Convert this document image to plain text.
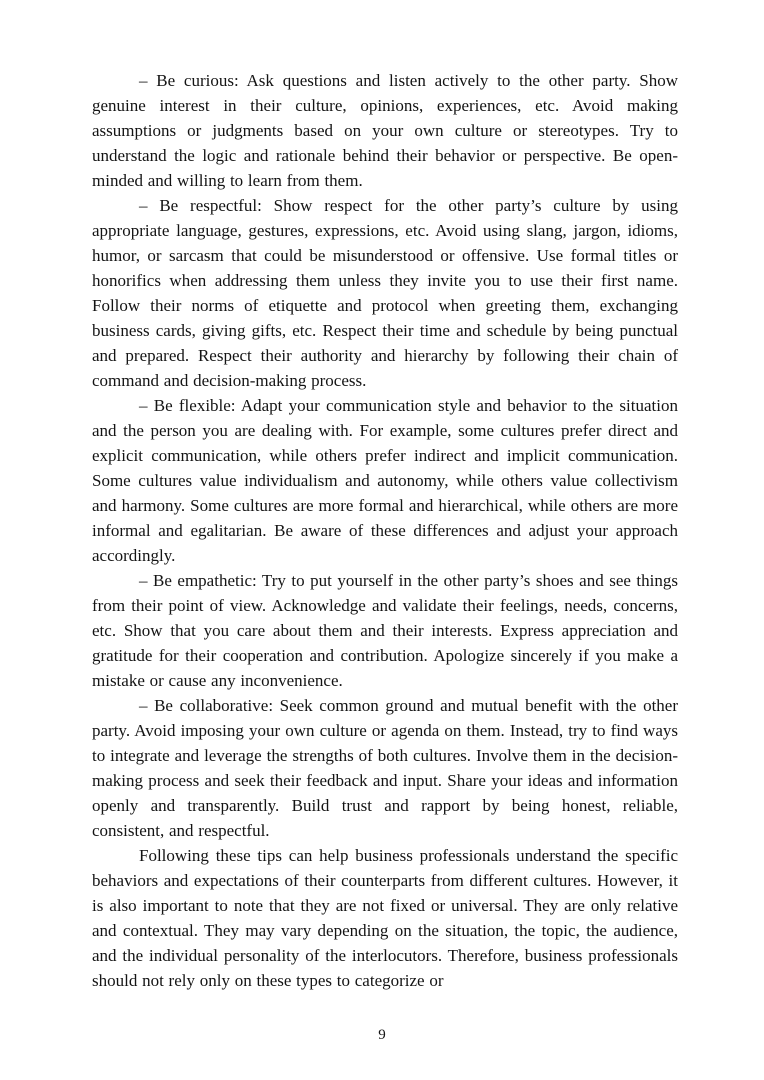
– Be curious: Ask questions and listen actively to the other party. Show genuine interest in their culture, opinions, experiences, etc. Avoid making assumptions or judgments based on your own culture or stereotypes. Try to understand the logic and rationale behind their behavior or perspective. Be open-minded and willing to learn from them.

– Be respectful: Show respect for the other party’s culture by using appropriate language, gestures, expressions, etc. Avoid using slang, jargon, idioms, humor, or sarcasm that could be misunderstood or offensive. Use formal titles or honorifics when addressing them unless they invite you to use their first name. Follow their norms of etiquette and protocol when greeting them, exchanging business cards, giving gifts, etc. Respect their time and schedule by being punctual and prepared. Respect their authority and hierarchy by following their chain of command and decision-making process.

– Be flexible: Adapt your communication style and behavior to the situation and the person you are dealing with. For example, some cultures prefer direct and explicit communication, while others prefer indirect and implicit communication. Some cultures value individualism and autonomy, while others value collectivism and harmony. Some cultures are more formal and hierarchical, while others are more informal and egalitarian. Be aware of these differences and adjust your approach accordingly.

– Be empathetic: Try to put yourself in the other party’s shoes and see things from their point of view. Acknowledge and validate their feelings, needs, concerns, etc. Show that you care about them and their interests. Express appreciation and gratitude for their cooperation and contribution. Apologize sincerely if you make a mistake or cause any inconvenience.

– Be collaborative: Seek common ground and mutual benefit with the other party. Avoid imposing your own culture or agenda on them. Instead, try to find ways to integrate and leverage the strengths of both cultures. Involve them in the decision-making process and seek their feedback and input. Share your ideas and information openly and transparently. Build trust and rapport by being honest, reliable, consistent, and respectful.

Following these tips can help business professionals understand the specific behaviors and expectations of their counterparts from different cultures. However, it is also important to note that they are not fixed or universal. They are only relative and contextual. They may vary depending on the situation, the topic, the audience, and the individual personality of the interlocutors. Therefore, business professionals should not rely only on these types to categorize or

9
